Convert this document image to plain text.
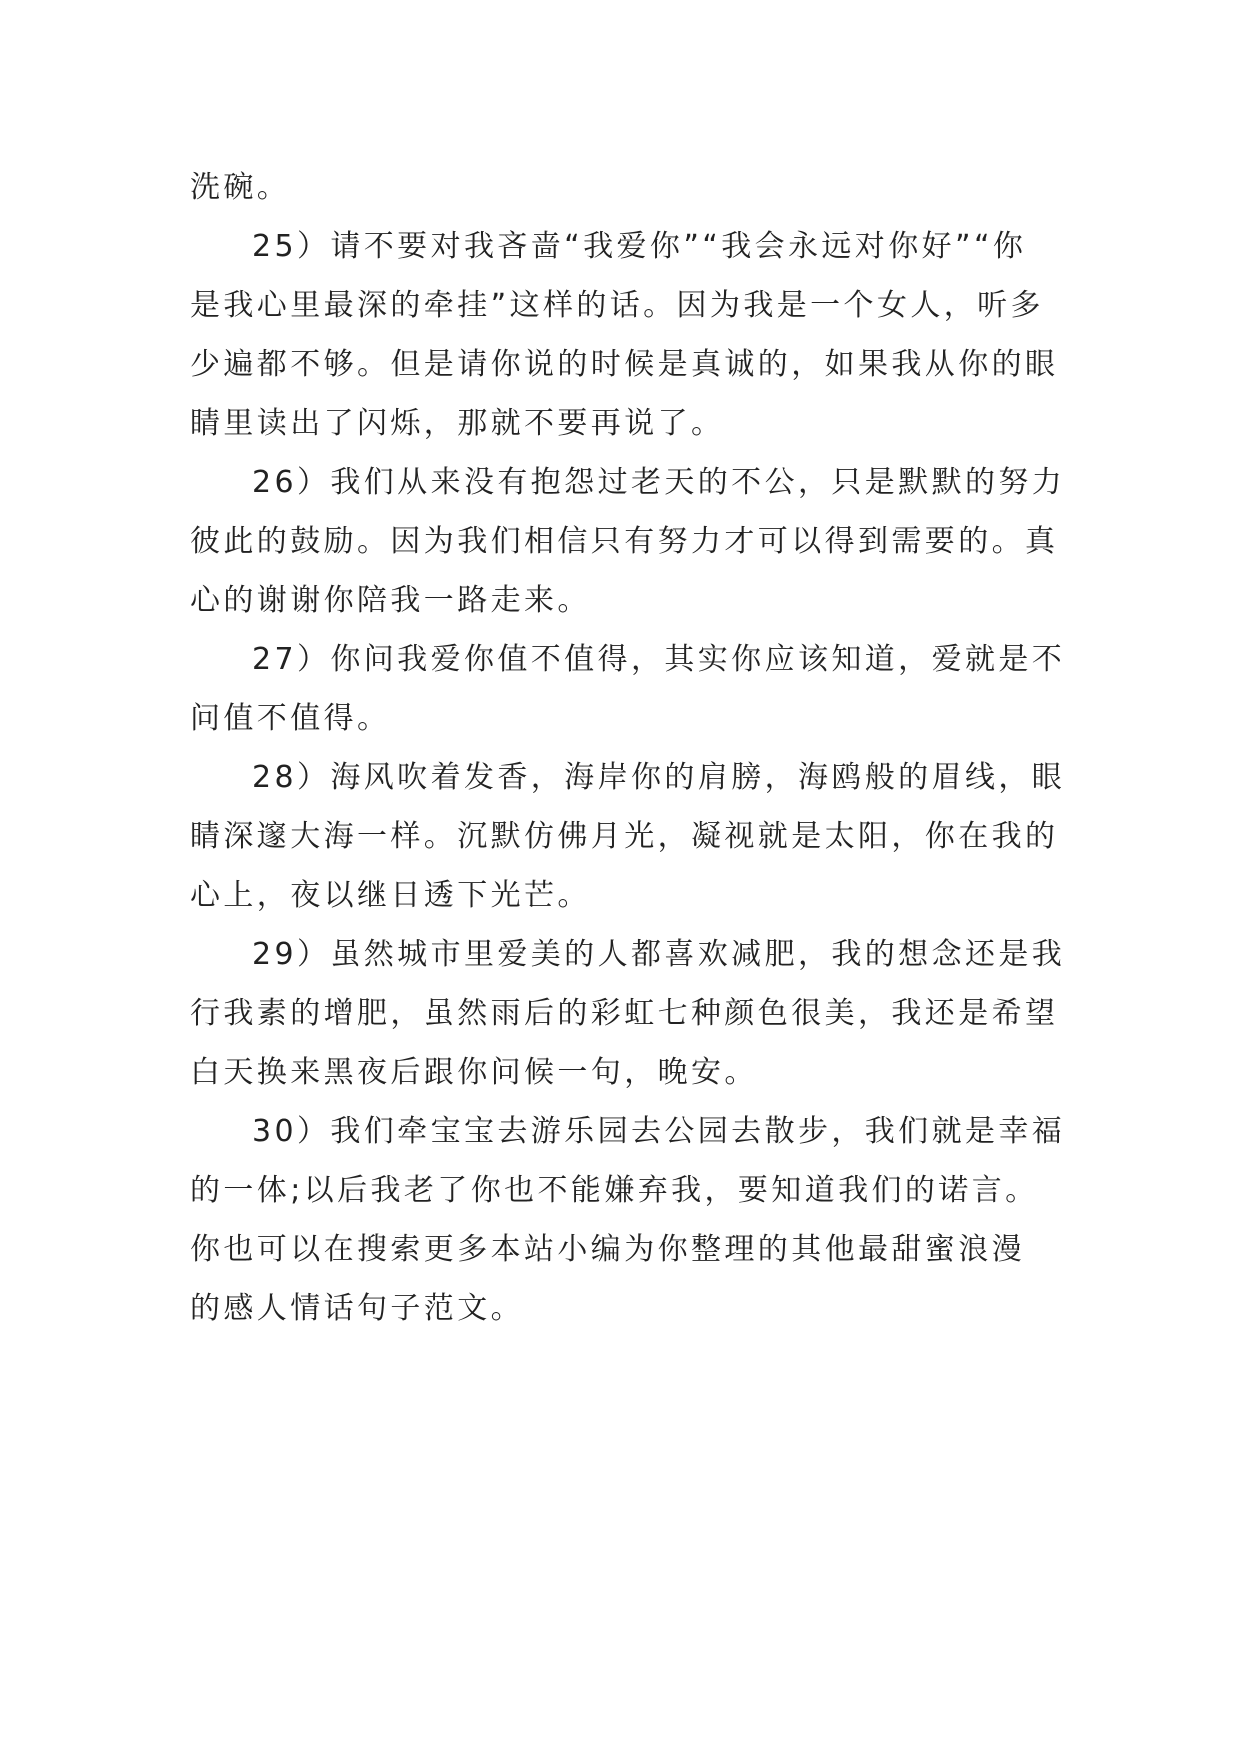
洗碗。

25）请不要对我吝啬“我爱你”“我会永远对你好”“你
是我心里最深的牵挂”这样的话。因为我是一个女人，听多
少遍都不够。但是请你说的时候是真诚的，如果我从你的眼
睛里读出了闪烁，那就不要再说了。

26）我们从来没有抱怨过老天的不公，只是默默的努力
彼此的鼓励。因为我们相信只有努力才可以得到需要的。真
心的谢谢你陪我一路走来。

27）你问我爱你值不值得，其实你应该知道，爱就是不
问值不值得。

28）海风吹着发香，海岸你的肩膀，海鸥般的眉线，眼
睛深邃大海一样。沉默仿佛月光，凝视就是太阳，你在我的
心上，夜以继日透下光芒。

29）虽然城市里爱美的人都喜欢减肥，我的想念还是我
行我素的增肥，虽然雨后的彩虹七种颜色很美，我还是希望
白天换来黑夜后跟你问候一句，晚安。

30）我们牵宝宝去游乐园去公园去散步，我们就是幸福
的一体;以后我老了你也不能嫌弃我，要知道我们的诺言。
你也可以在搜索更多本站小编为你整理的其他最甜蜜浪漫
的感人情话句子范文。
